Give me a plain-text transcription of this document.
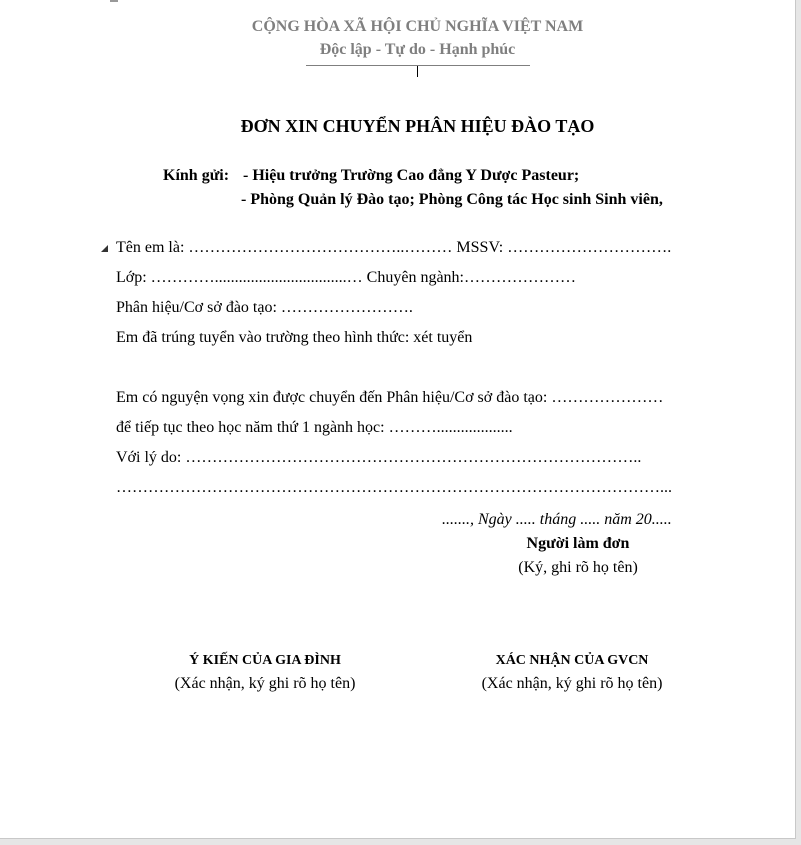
CỘNG HÒA XÃ HỘI CHỦ NGHĨA VIỆT NAM
Độc lập - Tự do - Hạnh phúc
ĐƠN XIN CHUYỂN PHÂN HIỆU ĐÀO TẠO
Kính gửi: - Hiệu trưởng Trường Cao đẳng Y Dược Pasteur;
- Phòng Quản lý Đào tạo; Phòng Công tác Học sinh Sinh viên,
Tên em là: …………………………………..……… MSSV: ………………………….
Lớp: ………….................................… Chuyên ngành:…………………
Phân hiệu/Cơ sở đào tạo: …………………….
Em đã trúng tuyển vào trường theo hình thức: xét tuyển
Em có nguyện vọng xin được chuyển đến Phân hiệu/Cơ sở đào tạo: …………………
để tiếp tục theo học năm thứ 1 ngành học: ………...................
Với lý do: …………………………………………………………………………..
…………………………………………………………………………………………...
......., Ngày ..... tháng ..... năm 20.....
Người làm đơn
(Ký, ghi rõ họ tên)
Ý KIẾN CỦA GIA ĐÌNH
(Xác nhận, ký ghi rõ họ tên)
XÁC NHẬN CỦA GVCN
(Xác nhận, ký ghi rõ họ tên)
